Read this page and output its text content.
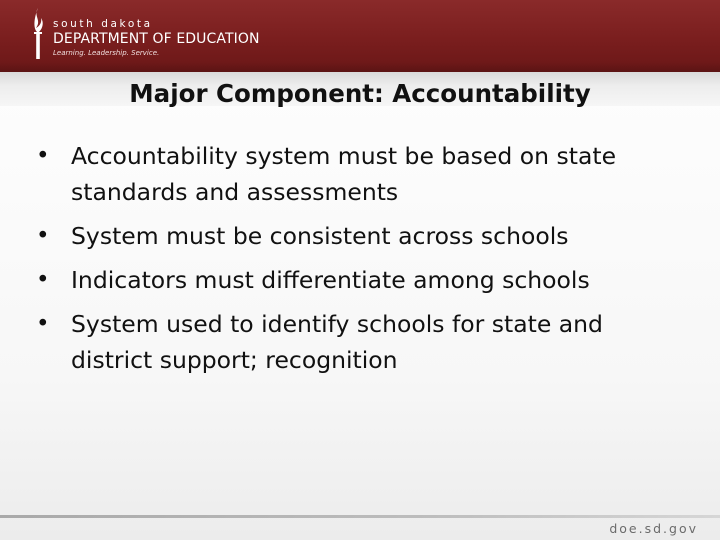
south dakota
DEPARTMENT OF EDUCATION
Learning. Leadership. Service.
Major Component: Accountability
• Accountability system must be based on state standards and assessments
• System must be consistent across schools
• Indicators must differentiate among schools
• System used to identify schools for state and district support; recognition
doe.sd.gov
